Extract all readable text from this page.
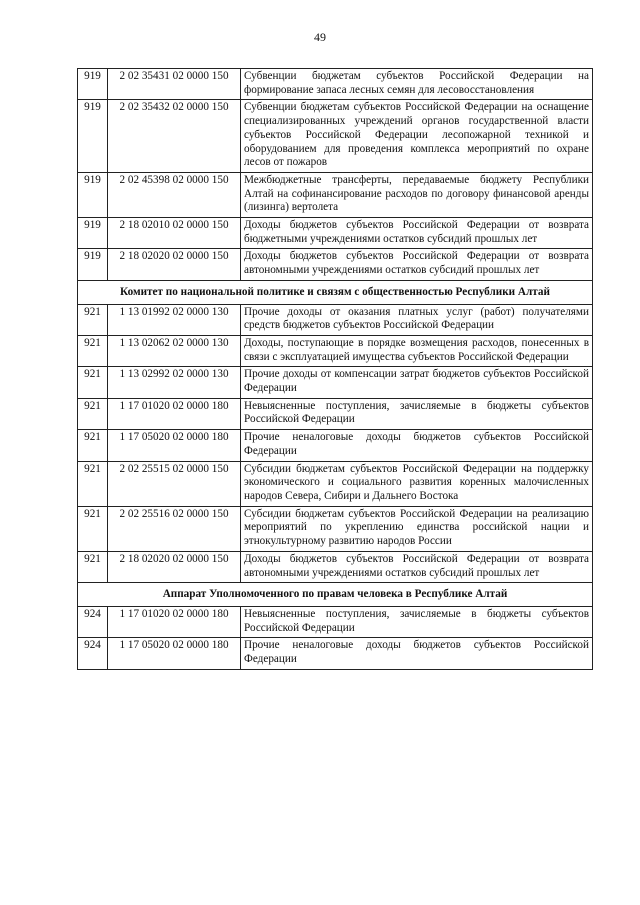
49
919	2 02 35431 02 0000 150	Субвенции бюджетам субъектов Российской Федерации на формирование запаса лесных семян для лесовосстановления
919	2 02 35432 02 0000 150	Субвенции бюджетам субъектов Российской Федерации на оснащение специализированных учреждений органов государственной власти субъектов Российской Федерации лесопожарной техникой и оборудованием для проведения комплекса мероприятий по охране лесов от пожаров
919	2 02 45398 02 0000 150	Межбюджетные трансферты, передаваемые бюджету Республики Алтай на софинансирование расходов по договору финансовой аренды (лизинга) вертолета
919	2 18 02010 02 0000 150	Доходы бюджетов субъектов Российской Федерации от возврата бюджетными учреждениями остатков субсидий прошлых лет
919	2 18 02020 02 0000 150	Доходы бюджетов субъектов Российской Федерации от возврата автономными учреждениями остатков субсидий прошлых лет
Комитет по национальной политике и связям с общественностью Республики Алтай		
921	1 13 01992 02 0000 130	Прочие доходы от оказания платных услуг (работ) получателями средств бюджетов субъектов Российской Федерации
921	1 13 02062 02 0000 130	Доходы, поступающие в порядке возмещения расходов, понесенных в связи с эксплуатацией имущества субъектов Российской Федерации
921	1 13 02992 02 0000 130	Прочие доходы от компенсации затрат бюджетов субъектов Российской Федерации
921	1 17 01020 02 0000 180	Невыясненные поступления, зачисляемые в бюджеты субъектов Российской Федерации
921	1 17 05020 02 0000 180	Прочие неналоговые доходы бюджетов субъектов Российской Федерации
921	2 02 25515 02 0000 150	Субсидии бюджетам субъектов Российской Федерации на поддержку экономического и социального развития коренных малочисленных народов Севера, Сибири и Дальнего Востока
921	2 02 25516 02 0000 150	Субсидии бюджетам субъектов Российской Федерации на реализацию мероприятий по укреплению единства российской нации и этнокультурному развитию народов России
921	2 18 02020 02 0000 150	Доходы бюджетов субъектов Российской Федерации от возврата автономными учреждениями остатков субсидий прошлых лет
Аппарат Уполномоченного по правам человека в Республике Алтай		
924	1 17 01020 02 0000 180	Невыясненные поступления, зачисляемые в бюджеты субъектов Российской Федерации
924	1 17 05020 02 0000 180	Прочие неналоговые доходы бюджетов субъектов Российской Федерации
